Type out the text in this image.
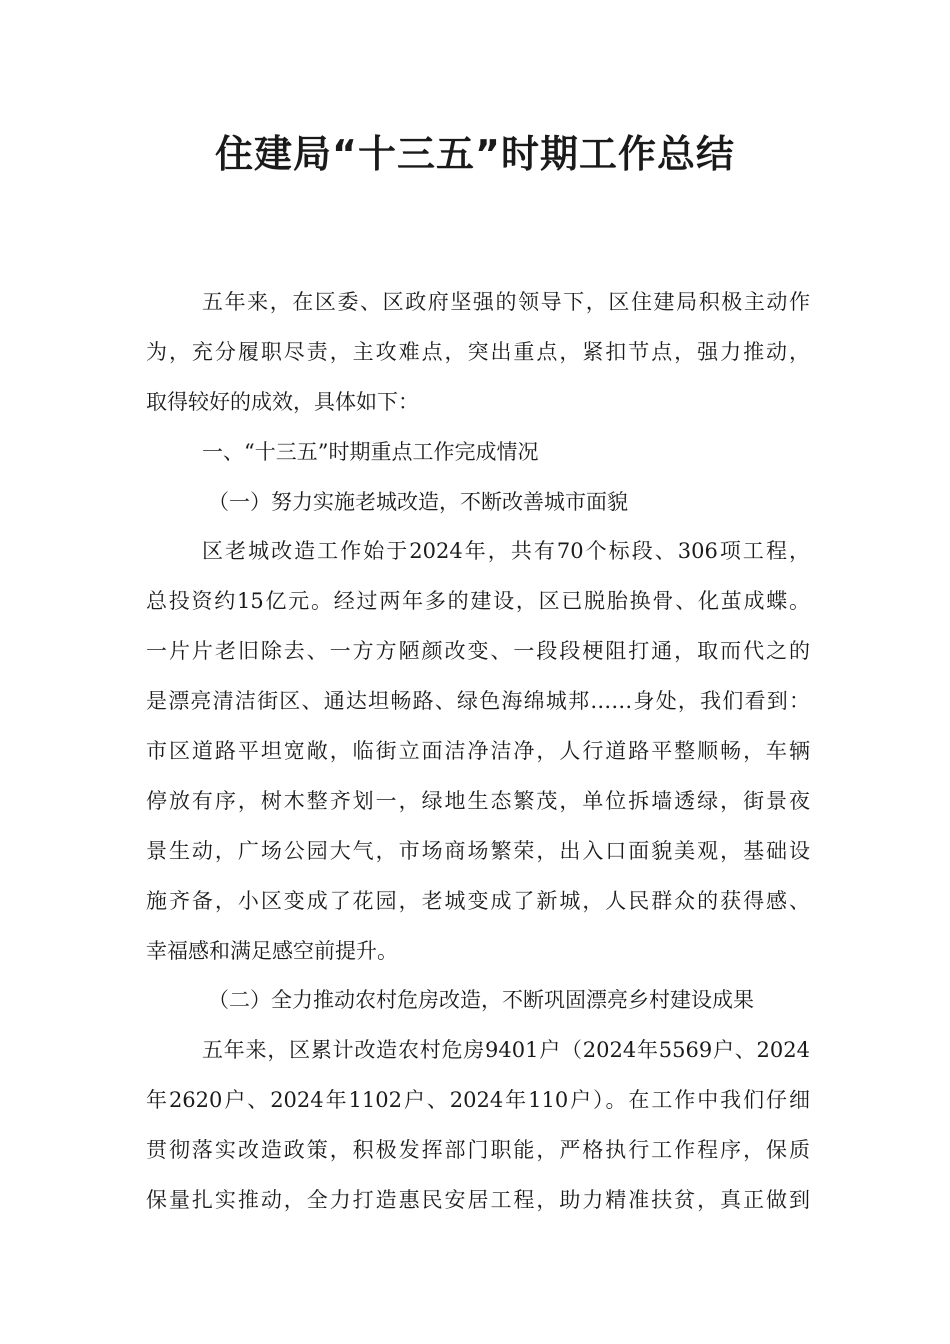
住建局“十三五”时期工作总结
五年来，在区委、区政府坚强的领导下，区住建局积极主动作
为，充分履职尽责，主攻难点，突出重点，紧扣节点，强力推动，
取得较好的成效，具体如下：
一、“十三五”时期重点工作完成情况
（一）努力实施老城改造，不断改善城市面貌
区老城改造工作始于2024年，共有70个标段、306项工程，
总投资约15亿元。经过两年多的建设，区已脱胎换骨、化茧成蝶。
一片片老旧除去、一方方陋颜改变、一段段梗阻打通，取而代之的
是漂亮清洁街区、通达坦畅路、绿色海绵城邦……身处，我们看到：
市区道路平坦宽敞，临街立面洁净洁净，人行道路平整顺畅，车辆
停放有序，树木整齐划一，绿地生态繁茂，单位拆墙透绿，街景夜
景生动，广场公园大气，市场商场繁荣，出入口面貌美观，基础设
施齐备，小区变成了花园，老城变成了新城，人民群众的获得感、
幸福感和满足感空前提升。
（二）全力推动农村危房改造，不断巩固漂亮乡村建设成果
五年来，区累计改造农村危房9401户（2024年5569户、2024
年2620户、2024年1102户、2024年110户）。在工作中我们仔细
贯彻落实改造政策，积极发挥部门职能，严格执行工作程序，保质
保量扎实推动，全力打造惠民安居工程，助力精准扶贫，真正做到
